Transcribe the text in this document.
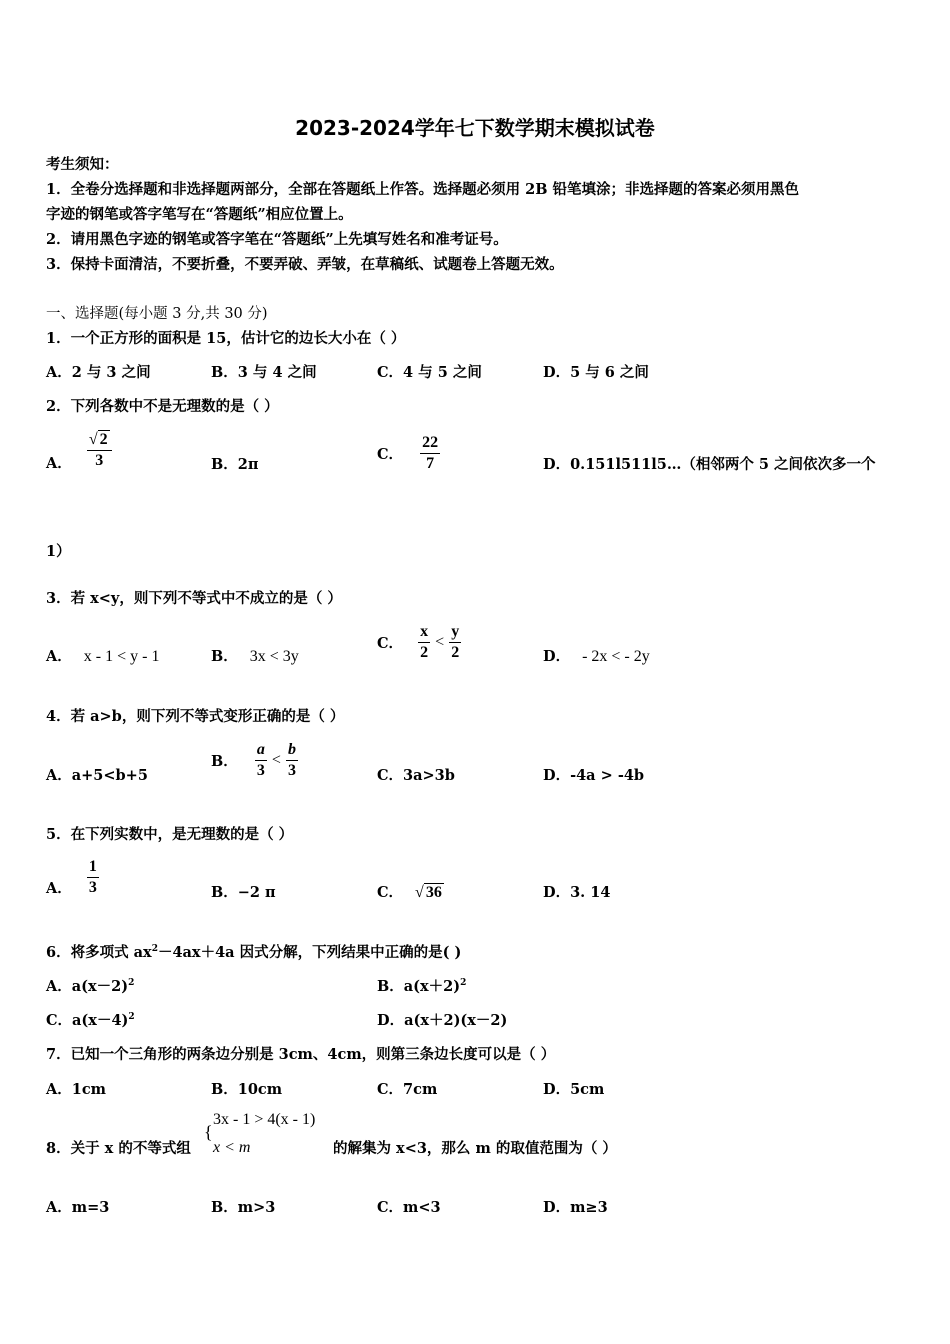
2023-2024学年七下数学期末模拟试卷
考生须知：
1．全卷分选择题和非选择题两部分，全部在答题纸上作答。选择题必须用 2B 铅笔填涂；非选择题的答案必须用黑色
字迹的钢笔或答字笔写在“答题纸”相应位置上。
2．请用黑色字迹的钢笔或答字笔在“答题纸”上先填写姓名和准考证号。
3．保持卡面清洁，不要折叠，不要弄破、弄皱，在草稿纸、试题卷上答题无效。
一、选择题(每小题 3 分,共 30 分)
1．一个正方形的面积是 15，估计它的边长大小在（ ）
A．2 与 3 之间	B．3 与 4 之间	C．4 与 5 之间	D．5 与 6 之间
2．下列各数中不是无理数的是（ ）
A． $\frac{√ 2}{3}$	B．2π
C． $\frac{22}{7}$	D．0.151l511l5…（相邻两个 5 之间依次多一个
1）
3．若 x<y，则下列不等式中不成立的是（ ）
A． x - 1 < y - 1	B． 3x < 3y
C． $\frac{x}{2} < \frac{y}{2}$	D． - 2x < - 2y
4．若 a>b，则下列不等式变形正确的是（ ）
A．a+5<b+5
B． $\frac{a}{3} < \frac{b}{3}$	C．3a>3b	D．-4a > -4b
5．在下列实数中，是无理数的是（ ）
A． $\frac{1}{3}$	B．−2 π	C． √ 36	D．3. 14
6．将多项式 $ax^2-4ax+4a$ 因式分解，下列结果中正确的是( )
A．$a(x-2)^2$	B．$a(x+2)^2$
C．$a(x-4)^2$	D．a(x＋2)(x－2)
7．已知一个三角形的两条边分别是 3cm、4cm，则第三条边长度可以是（ ）
A．1cm	B．10cm	C．7cm	D．5cm
8．关于 x 的不等式组
{
3x - 1 > 4(x - 1)
x < m	的解集为 x<3，那么 m 的取值范围为（ ）
A．m=3	B．m>3	C．m<3	D．m≥3
